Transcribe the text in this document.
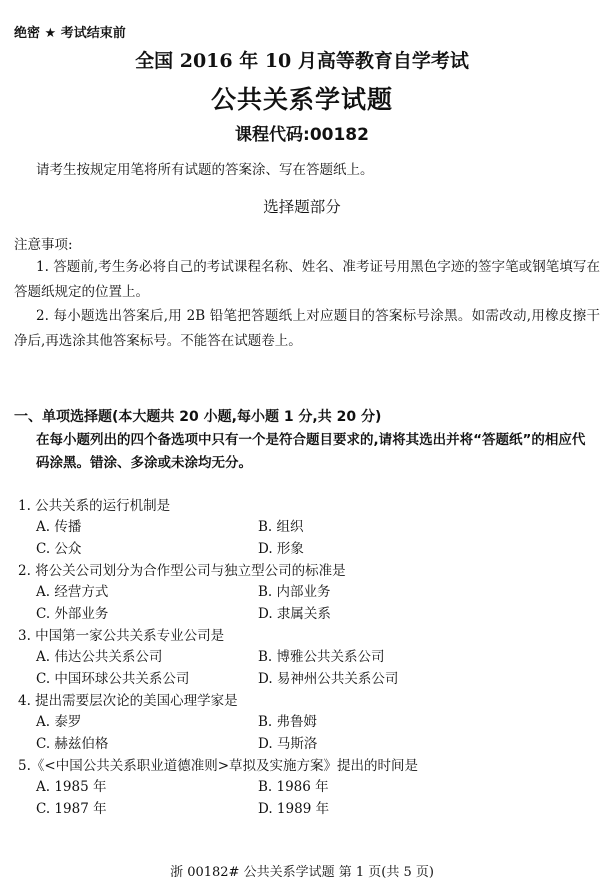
绝密 ★ 考试结束前
全国 2016 年 10 月高等教育自学考试
公共关系学试题
课程代码:00182
请考生按规定用笔将所有试题的答案涂、写在答题纸上。
选择题部分
注意事项:
1. 答题前,考生务必将自己的考试课程名称、姓名、准考证号用黑色字迹的签字笔或钢笔填写在答题纸规定的位置上。
2. 每小题选出答案后,用 2B 铅笔把答题纸上对应题目的答案标号涂黑。如需改动,用橡皮擦干净后,再选涂其他答案标号。不能答在试题卷上。
一、单项选择题(本大题共 20 小题,每小题 1 分,共 20 分)
在每小题列出的四个备选项中只有一个是符合题目要求的,请将其选出并将“答题纸”的相应代码涂黑。错涂、多涂或未涂均无分。
1. 公共关系的运行机制是
A. 传播	B. 组织
C. 公众	D. 形象
2. 将公关公司划分为合作型公司与独立型公司的标准是
A. 经营方式	B. 内部业务
C. 外部业务	D. 隶属关系
3. 中国第一家公共关系专业公司是
A. 伟达公共关系公司	B. 博雅公共关系公司
C. 中国环球公共关系公司	D. 易神州公共关系公司
4. 提出需要层次论的美国心理学家是
A. 泰罗	B. 弗鲁姆
C. 赫兹伯格	D. 马斯洛
5.《<中国公共关系职业道德准则>草拟及实施方案》提出的时间是
A. 1985 年	B. 1986 年
C. 1987 年	D. 1989 年
浙 00182# 公共关系学试题 第 1 页(共 5 页)
